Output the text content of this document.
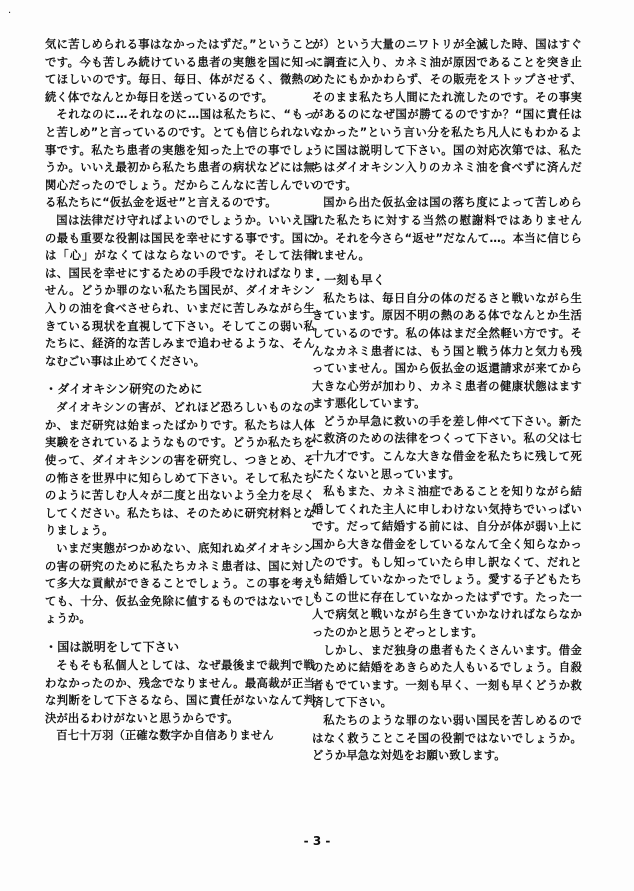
·

気に苦しめられる事はなかったはずだ。”ということです。今も苦しみ続けている患者の実態を国に知ってほしいのです。毎日、毎日、体がだるく、微熱の続く体でなんとか毎日を送っているのです。

それなのに…それなのに…国は私たちに、“もっと苦しめ”と言っているのです。とても信じられない事です。私たち患者の実態を知った上での事でしょうか。いいえ最初から私たち患者の病状などには無関心だったのでしょう。だからこんなに苦しんでいる私たちに“仮払金を返せ”と言えるのです。

国は法律だけ守ればよいのでしょうか。いいえ国の最も重要な役割は国民を幸せにする事です。国には「心」がなくてはならないのです。そして法律は、国民を幸せにするための手段でなければなりません。どうか罪のない私たち国民が、ダイオキシン入りの油を食べさせられ、いまだに苦しみながら生きている現状を直視して下さい。そしてこの弱い私たちに、経済的な苦しみまで追わせるような、そんなむごい事は止めてください。

・ダイオキシン研究のために

ダイオキシンの害が、どれほど恐ろしいものなのか、まだ研究は始まったばかりです。私たちは人体実験をされているようなものです。どうか私たちを使って、ダイオキシンの害を研究し、つきとめ、その怖さを世界中に知らしめて下さい。そして私たちのように苦しむ人々が二度と出ないよう全力を尽くしてください。私たちは、そのために研究材料となりましょう。

いまだ実態がつかめない、底知れぬダイオキシンの害の研究のために私たちカネミ患者は、国に対して多大な貢献ができることでしょう。この事を考えても、十分、仮払金免除に値するものではないでしょうか。

・国は説明をして下さい

そもそも私個人としては、なぜ最後まで裁判で戦わなかったのか、残念でなりません。最高裁が正当な判断をして下さるなら、国に責任がないなんて判決が出るわけがないと思うからです。

百七十万羽（正確な数字か自信ありません

が）という大量のニワトリが全滅した時、国はすぐに調査に入り、カネミ油が原因であることを突き止めたにもかかわらず、その販売をストップさせず、そのまま私たち人間にたれ流したのです。その事実があるのになぜ国が勝てるのですか？“国に責任はなかった”という言い分を私たち凡人にもわかるように国は説明して下さい。国の対応次第では、私たちはダイオキシン入りのカネミ油を食べずに済んだのです。

国から出た仮払金は国の落ち度によって苦しめられた私たちに対する当然の慰謝料ではありませんか。それを今さら“返せ”だなんて…。本当に信じられません。

・一刻も早く

私たちは、毎日自分の体のだるさと戦いながら生きています。原因不明の熱のある体でなんとか生活しているのです。私の体はまだ全然軽い方です。そんなカネミ患者には、もう国と戦う体力と気力も残っていません。国から仮払金の返還請求が来てから大きな心労が加わり、カネミ患者の健康状態はますます悪化しています。

どうか早急に救いの手を差し伸べて下さい。新たに救済のための法律をつくって下さい。私の父は七十九才です。こんな大きな借金を私たちに残して死にたくないと思っています。

私もまた、カネミ油症であることを知りながら結婚してくれた主人に申しわけない気持ちでいっぱいです。だって結婚する前には、自分が体が弱い上に国から大きな借金をしているなんて全く知らなかったのです。もし知っていたら申し訳なくて、だれとも結婚していなかったでしょう。愛する子どもたちもこの世に存在していなかったはずです。たった一人で病気と戦いながら生きていかなければならなかったのかと思うとぞっとします。

しかし、まだ独身の患者もたくさんいます。借金のために結婚をあきらめた人もいるでしょう。自殺者もでています。一刻も早く、一刻も早くどうか救済して下さい。

私たちのような罪のない弱い国民を苦しめるのではなく救うことこそ国の役割ではないでしょうか。どうか早急な対処をお願い致します。

- 3 -
